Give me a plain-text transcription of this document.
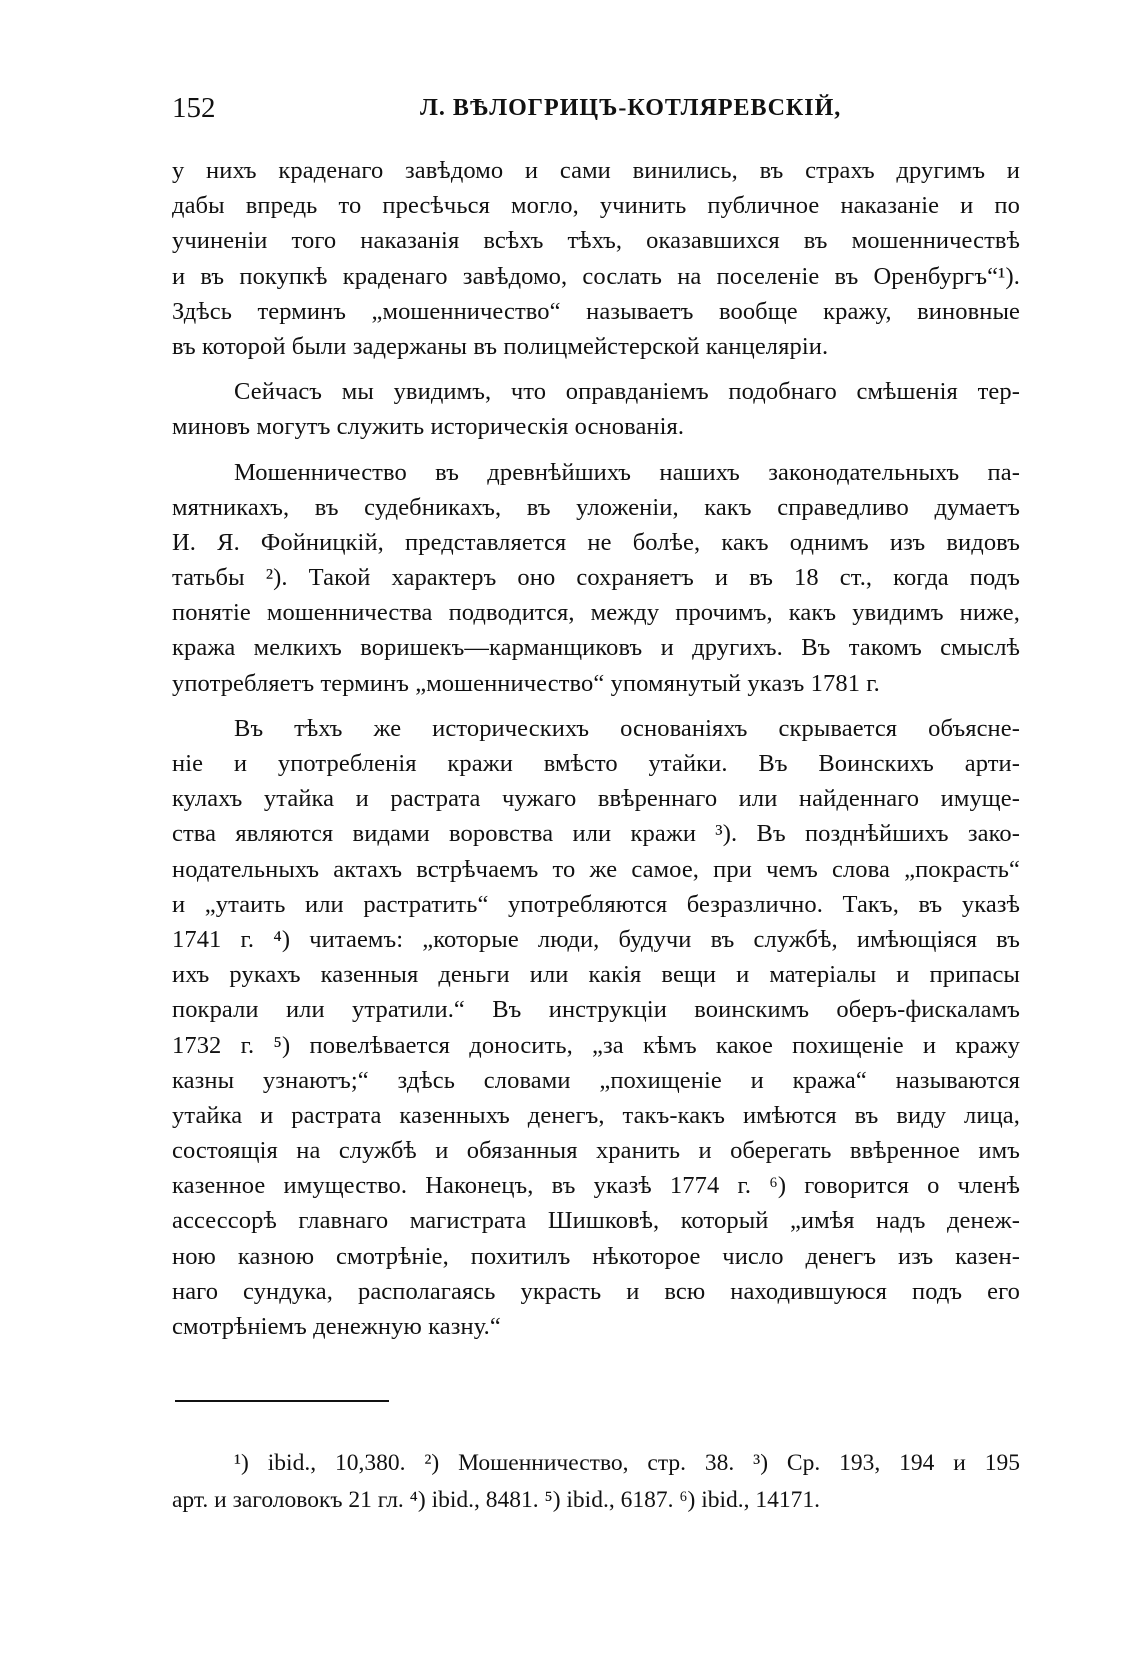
152	Л. ВѢЛОГРИЦЪ-КОТЛЯРЕВСКІЙ,
у нихъ краденаго завѣдомо и сами винились, въ страхъ другимъ и
дабы впредь то пресѣчься могло, учинить публичное наказаніе и по
учиненіи того наказанія всѣхъ тѣхъ, оказавшихся въ мошенничествѣ
и въ покупкѣ краденаго завѣдомо, сослать на поселеніе въ Оренбургъ“¹).
Здѣсь терминъ „мошенничество“ называетъ вообще кражу, виновные
въ которой были задержаны въ полицмейстерской канцеляріи.
Сейчасъ мы увидимъ, что оправданіемъ подобнаго смѣшенія тер-
миновъ могутъ служить историческія основанія.
Мошенничество въ древнѣйшихъ нашихъ законодательныхъ па-
мятникахъ, въ судебникахъ, въ уложеніи, какъ справедливо думаетъ
И. Я. Фойницкій, представляется не болѣе, какъ однимъ изъ видовъ
татьбы ²). Такой характеръ оно сохраняетъ и въ 18 ст., когда подъ
понятіе мошенничества подводится, между прочимъ, какъ увидимъ ниже,
кража мелкихъ воришекъ—карманщиковъ и другихъ. Въ такомъ смыслѣ
употребляетъ терминъ „мошенничество“ упомянутый указъ 1781 г.
Въ тѣхъ же историческихъ основаніяхъ скрывается объясне-
ніе и употребленія кражи вмѣсто утайки. Въ Воинскихъ арти-
кулахъ утайка и растрата чужаго ввѣреннаго или найденнаго имуще-
ства являются видами воровства или кражи ³). Въ позднѣйшихъ зако-
нодательныхъ актахъ встрѣчаемъ то же самое, при чемъ слова „покрасть“
и „утаить или растратить“ употребляются безразлично. Такъ, въ указѣ
1741 г. ⁴) читаемъ: „которые люди, будучи въ службѣ, имѣющіяся въ
ихъ рукахъ казенныя деньги или какія вещи и матеріалы и припасы
покрали или утратили.“ Въ инструкціи воинскимъ оберъ-фискаламъ
1732 г. ⁵) повелѣвается доносить, „за кѣмъ какое похищеніе и кражу
казны узнаютъ;“ здѣсь словами „похищеніе и кража“ называются
утайка и растрата казенныхъ денегъ, такъ-какъ имѣются въ виду лица,
состоящія на службѣ и обязанныя хранить и оберегать ввѣренное имъ
казенное имущество. Наконецъ, въ указѣ 1774 г. ⁶) говорится о членѣ
ассессорѣ главнаго магистрата Шишковѣ, который „имѣя надъ денеж-
ною казною смотрѣніе, похитилъ нѣкоторое число денегъ изъ казен-
наго сундука, располагаясь украсть и всю находившуюся подъ его
смотрѣніемъ денежную казну.“
¹) ibid., 10,380. ²) Мошенничество, стр. 38. ³) Ср. 193, 194 и 195
арт. и заголовокъ 21 гл. ⁴) ibid., 8481. ⁵) ibid., 6187. ⁶) ibid., 14171.
